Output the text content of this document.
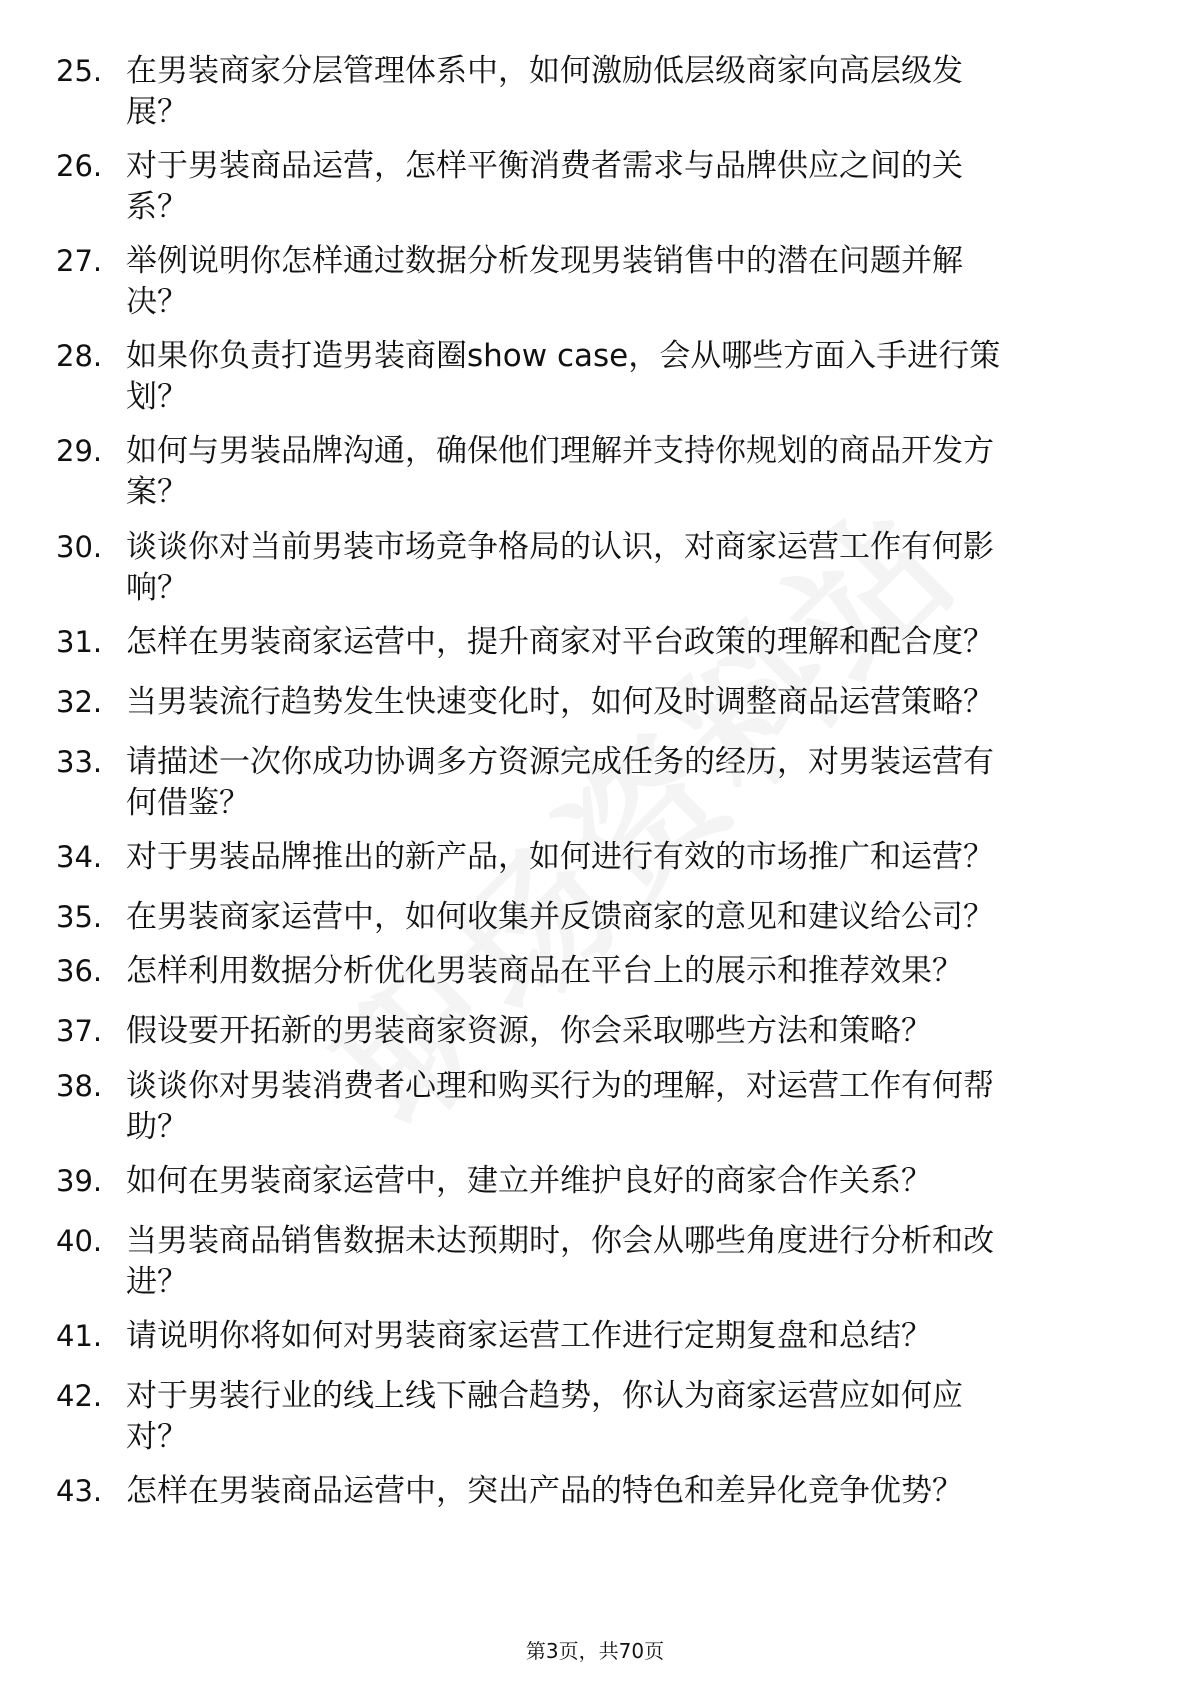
25. 在男装商家分层管理体系中，如何激励低层级商家向高层级发
展？
26. 对于男装商品运营，怎样平衡消费者需求与品牌供应之间的关
系？
27. 举例说明你怎样通过数据分析发现男装销售中的潜在问题并解
决？
28. 如果你负责打造男装商圈show case，会从哪些方面入手进行策
划？
29. 如何与男装品牌沟通，确保他们理解并支持你规划的商品开发方
案？
30. 谈谈你对当前男装市场竞争格局的认识，对商家运营工作有何影
响？
31. 怎样在男装商家运营中，提升商家对平台政策的理解和配合度？
32. 当男装流行趋势发生快速变化时，如何及时调整商品运营策略？
33. 请描述一次你成功协调多方资源完成任务的经历，对男装运营有
何借鉴？
34. 对于男装品牌推出的新产品，如何进行有效的市场推广和运营？
35. 在男装商家运营中，如何收集并反馈商家的意见和建议给公司？
36. 怎样利用数据分析优化男装商品在平台上的展示和推荐效果？
37. 假设要开拓新的男装商家资源，你会采取哪些方法和策略？
38. 谈谈你对男装消费者心理和购买行为的理解，对运营工作有何帮
助？
39. 如何在男装商家运营中，建立并维护良好的商家合作关系？
40. 当男装商品销售数据未达预期时，你会从哪些角度进行分析和改
进？
41. 请说明你将如何对男装商家运营工作进行定期复盘和总结？
42. 对于男装行业的线上线下融合趋势，你认为商家运营应如何应
对？
43. 怎样在男装商品运营中，突出产品的特色和差异化竞争优势？
第3页，共70页
